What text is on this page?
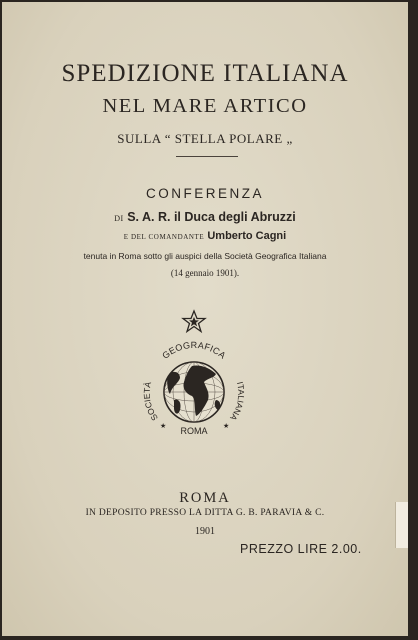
SPEDIZIONE ITALIANA
NEL MARE ARTICO
SULLA “ STELLA POLARE „
CONFERENZA
DI S. A. R. il Duca degli Abruzzi
E DEL COMANDANTE Umberto Cagni
tenuta in Roma sotto gli auspici della Società Geografica Italiana
(14 gennaio 1901).
GEOGRAFICA
SOCIETÀ	ITALIANA
ROMA
★	★
ROMA
IN DEPOSITO PRESSO LA DITTA G. B. PARAVIA & C.
1901
PREZZO LIRE 2.00.
